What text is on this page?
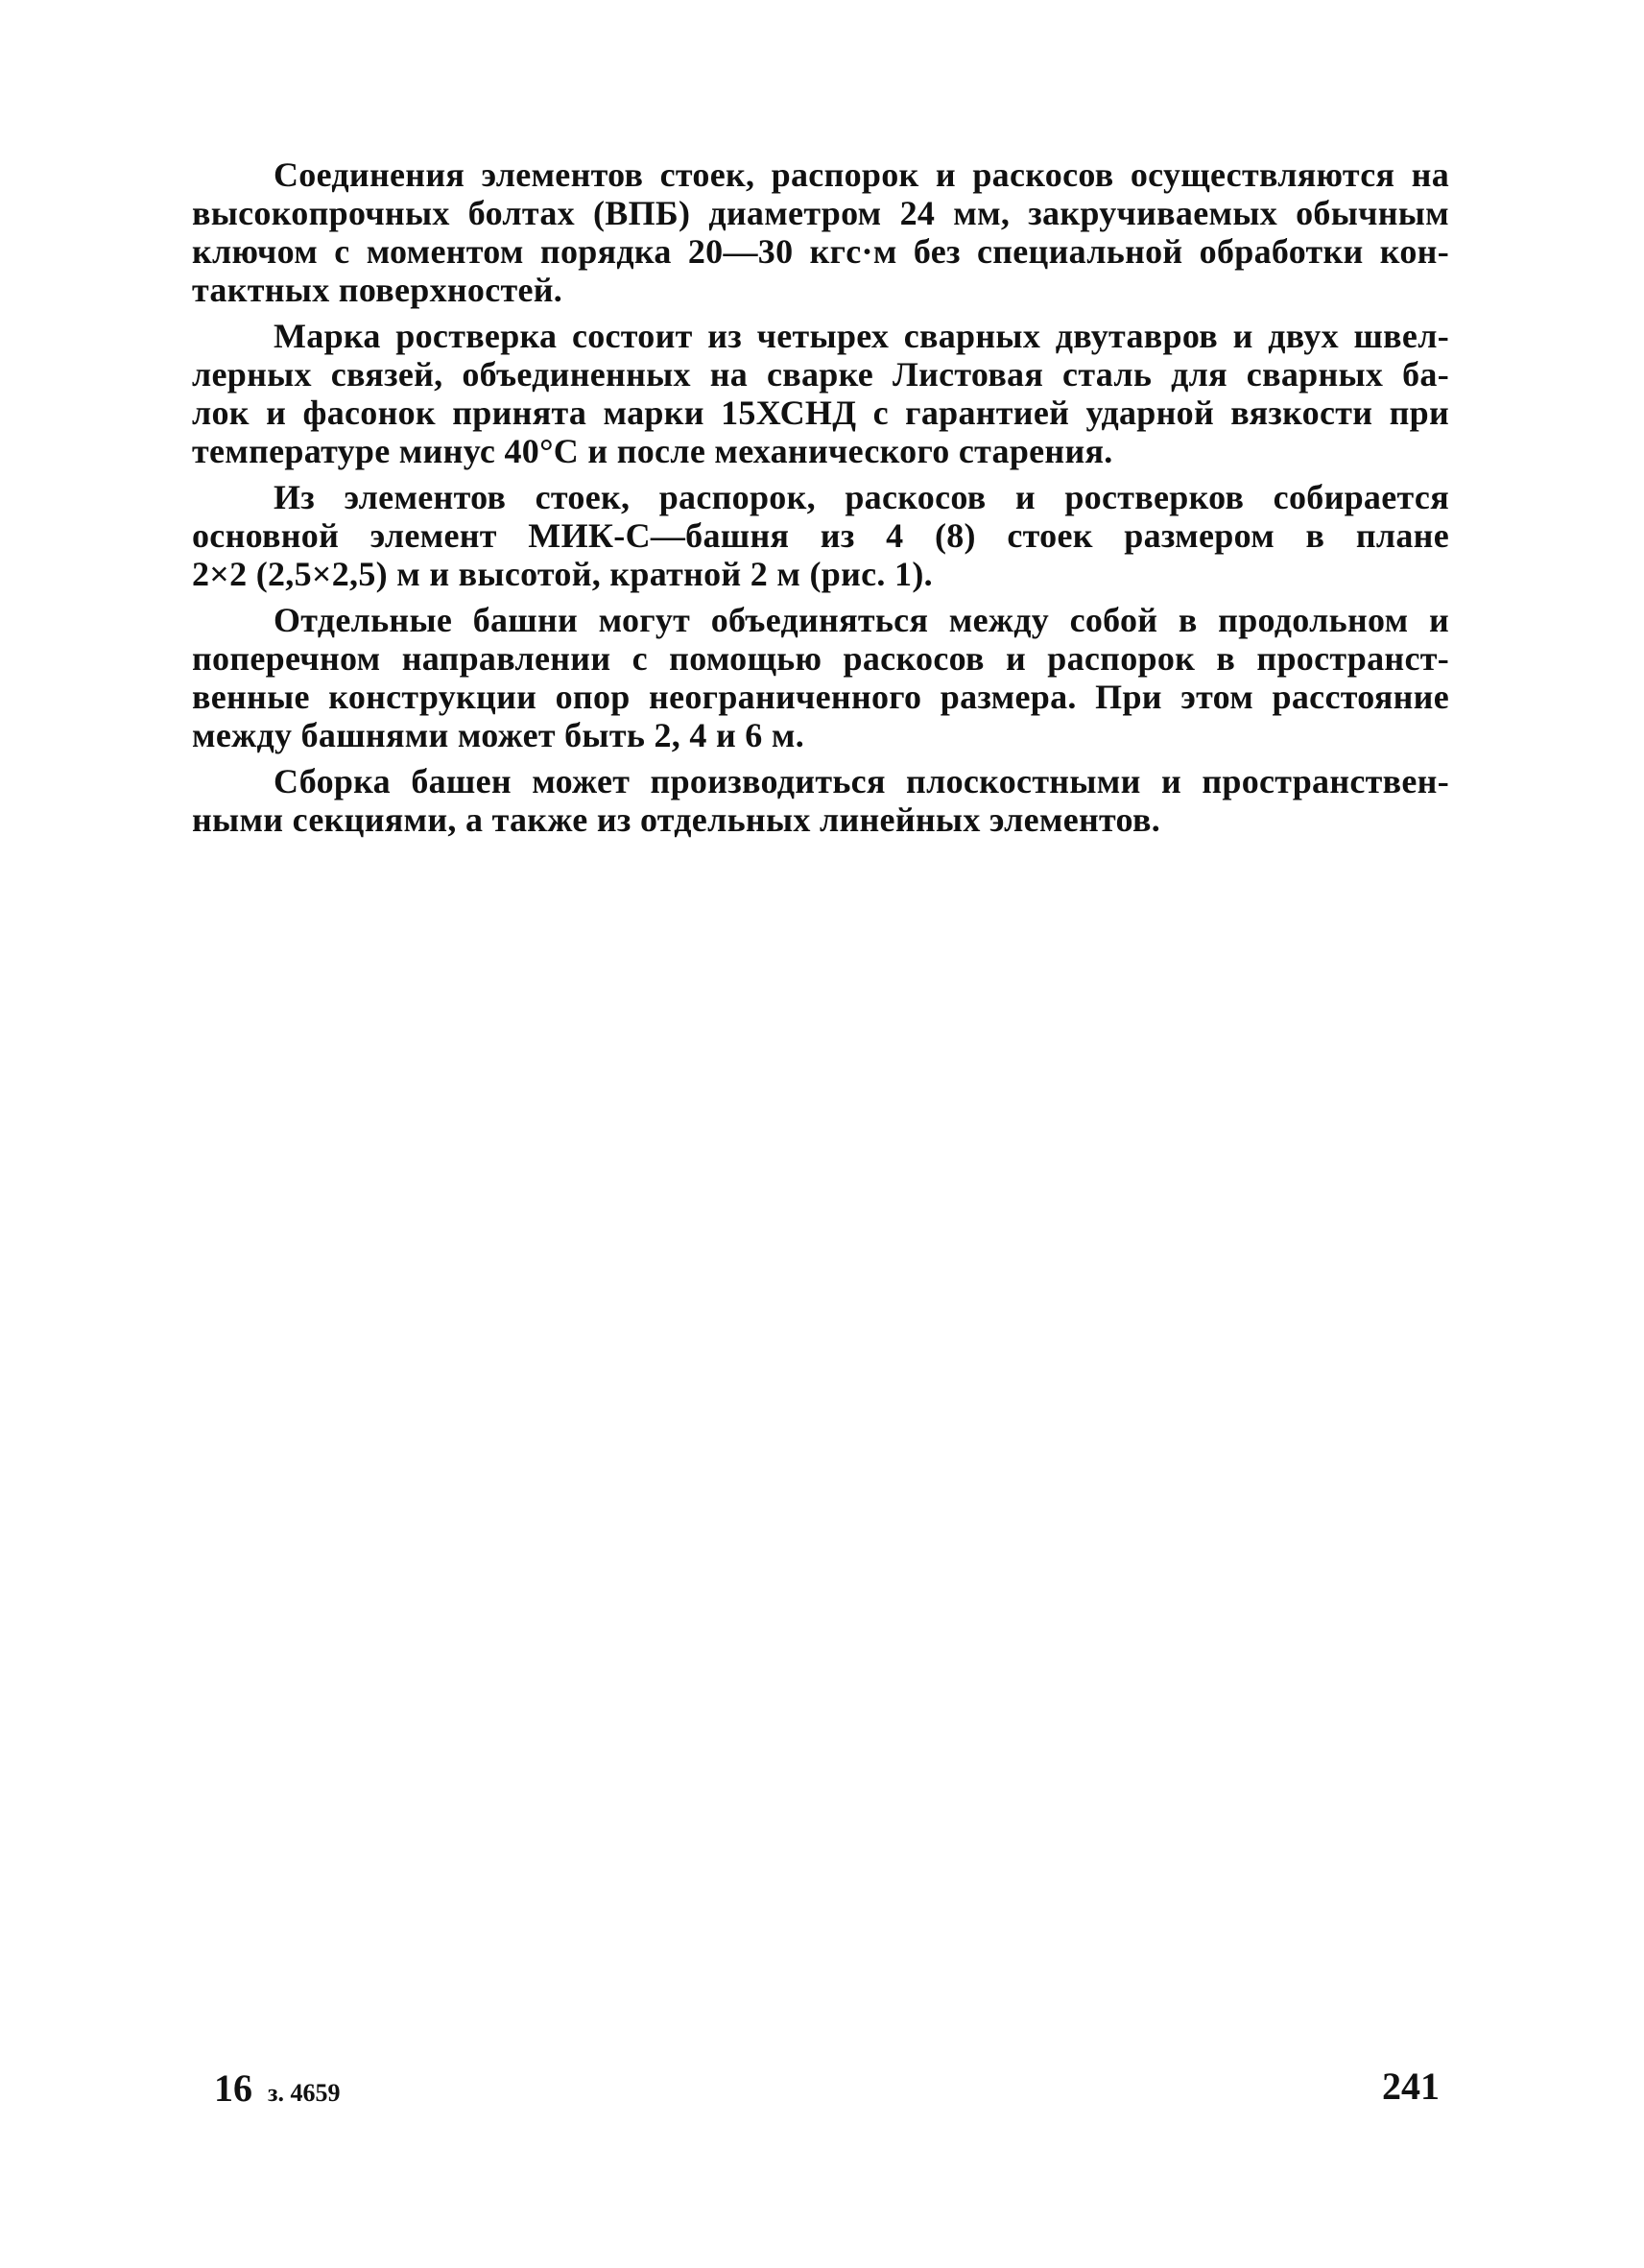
Соединения элементов стоек, распорок и раскосов осуществляются на
высокопрочных болтах (ВПБ) диаметром 24 мм, закручиваемых обычным
ключом с моментом порядка 20—30 кгс·м без специальной обработки кон-
тактных поверхностей.
Марка ростверка состоит из четырех сварных двутавров и двух швел-
лерных связей, объединенных на сварке Листовая сталь для сварных ба-
лок и фасонок принята марки 15ХСНД с гарантией ударной вязкости при
температуре минус 40°С и после механического старения.
Из элементов стоек, распорок, раскосов и ростверков собирается
основной элемент МИК-С—башня из 4 (8) стоек размером в плане
2×2 (2,5×2,5) м и высотой, кратной 2 м (рис. 1).
Отдельные башни могут объединяться между собой в продольном и
поперечном направлении с помощью раскосов и распорок в пространст-
венные конструкции опор неограниченного размера. При этом расстояние
между башнями может быть 2, 4 и 6 м.
Сборка башен может производиться плоскостными и пространствен-
ными секциями, а также из отдельных линейных элементов.
16 з. 4659	241
